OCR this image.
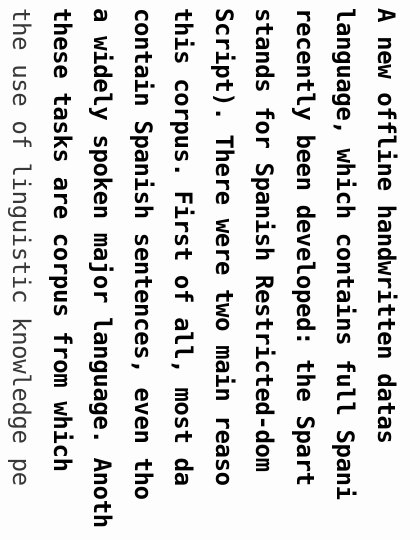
A new offline handwritten datas
language, which contains full Spani
recently been developed: the Spart
stands for Spanish Restricted-dom
Script). There were two main reaso
this corpus. First of all, most da
contain Spanish sentences, even tho
a widely spoken major language. Anoth
these tasks are corpus from which
the use of linguistic knowledge pe
